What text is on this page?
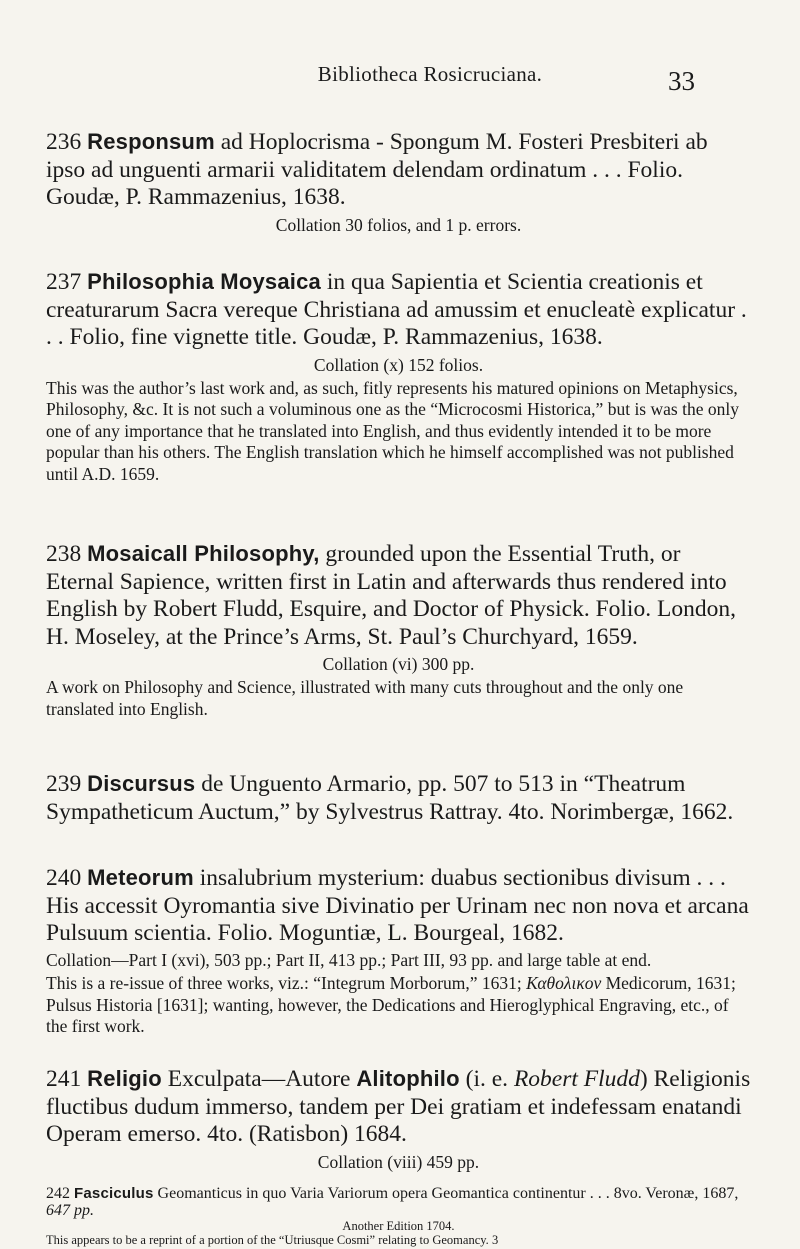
Bibliotheca Rosicruciana.	33
236 Responsum ad Hoplocrisma - Spongum M. Fosteri Presbiteri ab ipso ad unguenti armarii validitatem delendam ordinatum . . . Folio. Goudæ, P. Rammazenius, 1638.
Collation 30 folios, and 1 p. errors.
237 Philosophia Moysaica in qua Sapientia et Scientia creationis et creaturarum Sacra vereque Christiana ad amussim et enucleatè explicatur . . . Folio, fine vignette title. Goudæ, P. Rammazenius, 1638.
Collation (x) 152 folios.
This was the author’s last work and, as such, fitly represents his matured opinions on Metaphysics, Philosophy, &c. It is not such a voluminous one as the “Microcosmi Historica,” but is was the only one of any importance that he translated into English, and thus evidently intended it to be more popular than his others. The English translation which he himself accomplished was not published until A.D. 1659.
238 Mosaicall Philosophy, grounded upon the Essential Truth, or Eternal Sapience, written first in Latin and afterwards thus rendered into English by Robert Fludd, Esquire, and Doctor of Physick. Folio. London, H. Moseley, at the Prince’s Arms, St. Paul’s Churchyard, 1659.
Collation (vi) 300 pp.
A work on Philosophy and Science, illustrated with many cuts throughout and the only one translated into English.
239 Discursus de Unguento Armario, pp. 507 to 513 in “Theatrum Sympatheticum Auctum,” by Sylvestrus Rattray. 4to. Norimbergæ, 1662.
240 Meteorum insalubrium mysterium: duabus sectionibus divisum . . . His accessit Oyromantia sive Divinatio per Urinam nec non nova et arcana Pulsuum scientia. Folio. Moguntiæ, L. Bourgeal, 1682.
Collation—Part I (xvi), 503 pp.; Part II, 413 pp.; Part III, 93 pp. and large table at end.
This is a re-issue of three works, viz.: “Integrum Morborum,” 1631; Καθολικον Medicorum, 1631; Pulsus Historia [1631]; wanting, however, the Dedications and Hieroglyphical Engraving, etc., of the first work.
241 Religio Exculpata—Autore Alitophilo (i. e. Robert Fludd) Religionis fluctibus dudum immerso, tandem per Dei gratiam et indefessam enatandi Operam emerso. 4to. (Ratisbon) 1684.
Collation (viii) 459 pp.
242 Fasciculus Geomanticus in quo Varia Variorum opera Geomantica continentur . . . 8vo. Veronæ, 1687, 647 pp.
Another Edition 1704.
This appears to be a reprint of a portion of the “Utriusque Cosmi” relating to Geomancy. 3
